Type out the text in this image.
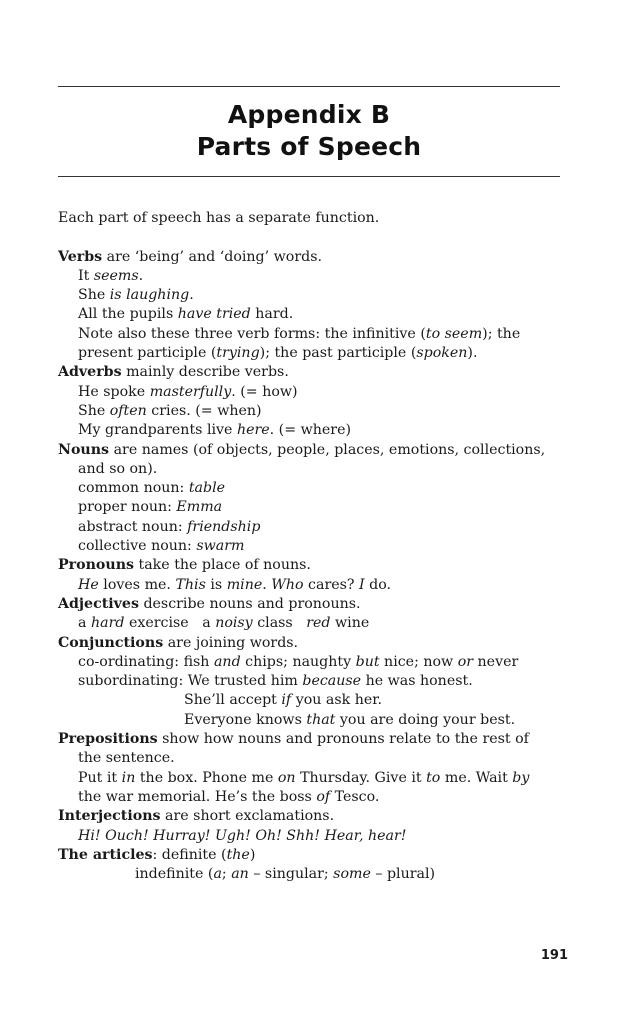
Appendix B
Parts of Speech
Each part of speech has a separate function.
Verbs are ‘being’ and ‘doing’ words.
It seems.
She is laughing.
All the pupils have tried hard.
Note also these three verb forms: the infinitive (to seem); the
present participle (trying); the past participle (spoken).
Adverbs mainly describe verbs.
He spoke masterfully. (= how)
She often cries. (= when)
My grandparents live here. (= where)
Nouns are names (of objects, people, places, emotions, collections,
and so on).
common noun: table
proper noun: Emma
abstract noun: friendship
collective noun: swarm
Pronouns take the place of nouns.
He loves me. This is mine. Who cares? I do.
Adjectives describe nouns and pronouns.
a hard exercise   a noisy class   red wine
Conjunctions are joining words.
co-ordinating: fish and chips; naughty but nice; now or never
subordinating: We trusted him because he was honest.
She’ll accept if you ask her.
Everyone knows that you are doing your best.
Prepositions show how nouns and pronouns relate to the rest of
the sentence.
Put it in the box. Phone me on Thursday. Give it to me. Wait by
the war memorial. He’s the boss of Tesco.
Interjections are short exclamations.
Hi! Ouch! Hurray! Ugh! Oh! Shh! Hear, hear!
The articles: definite (the)
indefinite (a; an – singular; some – plural)
191
